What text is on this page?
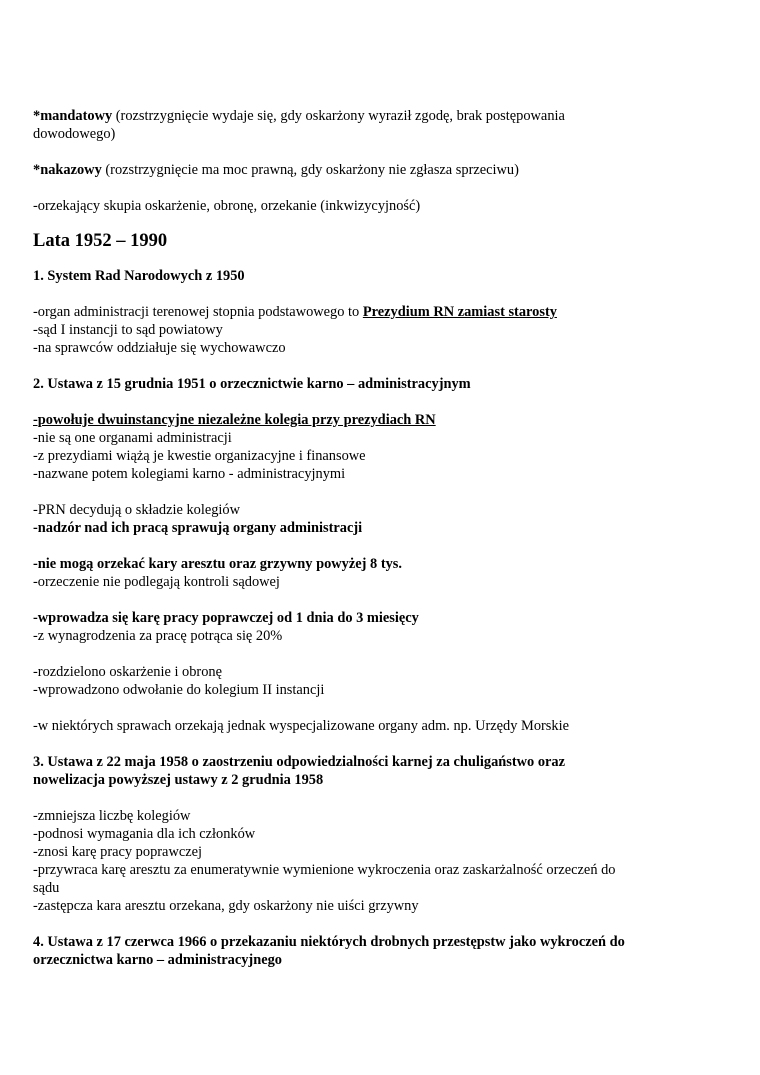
*mandatowy (rozstrzygnięcie wydaje się, gdy oskarżony wyraził zgodę, brak postępowania
dowodowego)
*nakazowy (rozstrzygnięcie ma moc prawną, gdy oskarżony nie zgłasza sprzeciwu)
-orzekający skupia oskarżenie, obronę, orzekanie (inkwizycyjność)
Lata 1952 – 1990
1. System Rad Narodowych z 1950
-organ administracji terenowej stopnia podstawowego to Prezydium RN zamiast starosty
-sąd I instancji to sąd powiatowy
-na sprawców oddziałuje się wychowawczo
2. Ustawa z 15 grudnia 1951 o orzecznictwie karno – administracyjnym
-powołuje dwuinstancyjne niezależne kolegia przy prezydiach RN
-nie są one organami administracji
-z prezydiami wiążą je kwestie organizacyjne i finansowe
-nazwane potem kolegiami karno - administracyjnymi
-PRN decydują o składzie kolegiów
-nadzór nad ich pracą sprawują organy administracji
-nie mogą orzekać kary aresztu oraz grzywny powyżej 8 tys.
-orzeczenie nie podlegają kontroli sądowej
-wprowadza się karę pracy poprawczej od 1 dnia do 3 miesięcy
-z wynagrodzenia za pracę potrąca się 20%
-rozdzielono oskarżenie i obronę
-wprowadzono odwołanie do kolegium II instancji
-w niektórych sprawach orzekają jednak wyspecjalizowane organy adm. np. Urzędy Morskie
3. Ustawa z 22 maja 1958 o zaostrzeniu odpowiedzialności karnej za chuligaństwo oraz
nowelizacja powyższej ustawy z 2 grudnia 1958
-zmniejsza liczbę kolegiów
-podnosi wymagania dla ich członków
-znosi karę pracy poprawczej
-przywraca karę aresztu za enumeratywnie wymienione wykroczenia oraz zaskarżalność orzeczeń do
sądu
-zastępcza kara aresztu orzekana, gdy oskarżony nie uiści grzywny
4. Ustawa z 17 czerwca 1966 o przekazaniu niektórych drobnych przestępstw jako wykroczeń do
orzecznictwa karno – administracyjnego
